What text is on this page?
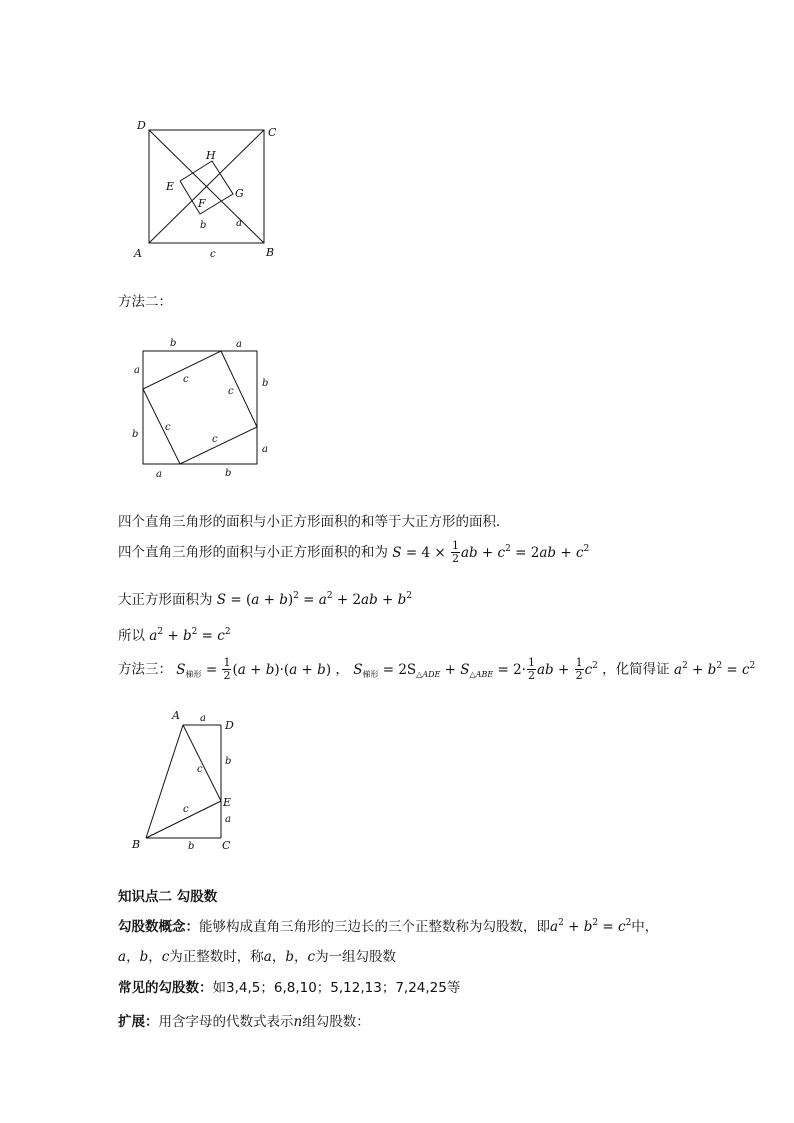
D
C
A	B
H
E
G
F
b	a
c
方法二：
b	a
a
b
b
a
a	b
c
c
c
c
四个直角三角形的面积与小正方形面积的和等于大正方形的面积．
四个直角三角形的面积与小正方形面积的和为 $S = 4 \times \frac{1}{2}$ ab + $c^2 = 2ab + c^2$
大正方形面积为 $S = (a + b)^2 = a^2 + 2ab + b^2$
所以 $a^2 + b^2 = c^2$
方法三： $S_{梯形} = \frac{1}{2} (a + b)\cdot(a + b)$ ， $S_{梯形} = 2S_{\triangle ADE} + S_{\triangle ABE} = 2\cdot \frac{1}{2}$ ab + $\frac{1}{2} c^2$ ，化简得证 $a^2 + b^2 = c^2$
A a
D
b
c
E
c
a
B	b	C
知识点二 勾股数
勾股数概念：能够构成直角三角形的三边长的三个正整数称为勾股数，即$a^2 + b^2 = c^2$中，
a，b，c为正整数时，称a，b，c为一组勾股数
常见的勾股数：如3,4,5；6,8,10；5,12,13；7,24,25等
扩展：用含字母的代数式表示n组勾股数：
